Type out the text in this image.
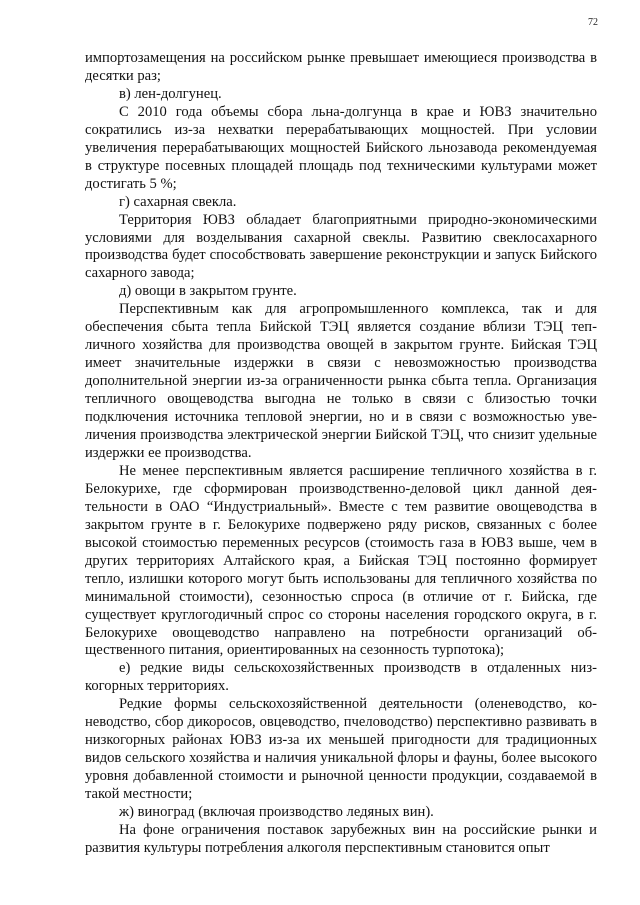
72

импортозамещения на российском рынке превышает имеющиеся производства в десятки раз;

в) лен-долгунец.

С 2010 года объемы сбора льна-долгунца в крае и ЮВЗ значительно сократились из-за нехватки перерабатывающих мощностей. При условии увеличения перерабатывающих мощностей Бийского льнозавода рекомендуемая в структуре посевных площадей площадь под техническими культурами может достигать 5 %;

г) сахарная свекла.

Территория ЮВЗ обладает благоприятными природно-экономическими условиями для возделывания сахарной свеклы. Развитию свеклосахарного производства будет способствовать завершение реконструкции и запуск Бийского сахарного завода;

д) овощи в закрытом грунте.

Перспективным как для агропромышленного комплекса, так и для обеспечения сбыта тепла Бийской ТЭЦ является создание вблизи ТЭЦ тепличного хозяйства для производства овощей в закрытом грунте. Бийская ТЭЦ имеет значительные издержки в связи с невозможностью производства дополнительной энергии из-за ограниченности рынка сбыта тепла. Организация тепличного овощеводства выгодна не только в связи с близостью точки подключения источника тепловой энергии, но и в связи с возможностью увеличения производства электрической энергии Бийской ТЭЦ, что снизит удельные издержки ее производства.

Не менее перспективным является расширение тепличного хозяйства в г. Белокурихе, где сформирован производственно-деловой цикл данной деятельности в ОАО “Индустриальный». Вместе с тем развитие овощеводства в закрытом грунте в г. Белокурихе подвержено ряду рисков, связанных с более высокой стоимостью переменных ресурсов (стоимость газа в ЮВЗ выше, чем в других территориях Алтайского края, а Бийская ТЭЦ постоянно формирует тепло, излишки которого могут быть использованы для тепличного хозяйства по минимальной стоимости), сезонностью спроса (в отличие от г. Бийска, где существует круглогодичный спрос со стороны населения городского округа, в г. Белокурихе овощеводство направлено на потребности организаций общественного питания, ориентированных на сезонность турпотока);

е) редкие виды сельскохозяйственных производств в отдаленных низкогорных территориях.

Редкие формы сельскохозяйственной деятельности (оленеводство, коневодство, сбор дикоросов, овцеводство, пчеловодство) перспективно развивать в низкогорных районах ЮВЗ из-за их меньшей пригодности для традиционных видов сельского хозяйства и наличия уникальной флоры и фауны, более высокого уровня добавленной стоимости и рыночной ценности продукции, создаваемой в такой местности;

ж) виноград (включая производство ледяных вин).

На фоне ограничения поставок зарубежных вин на российские рынки и развития культуры потребления алкоголя перспективным становится опыт
